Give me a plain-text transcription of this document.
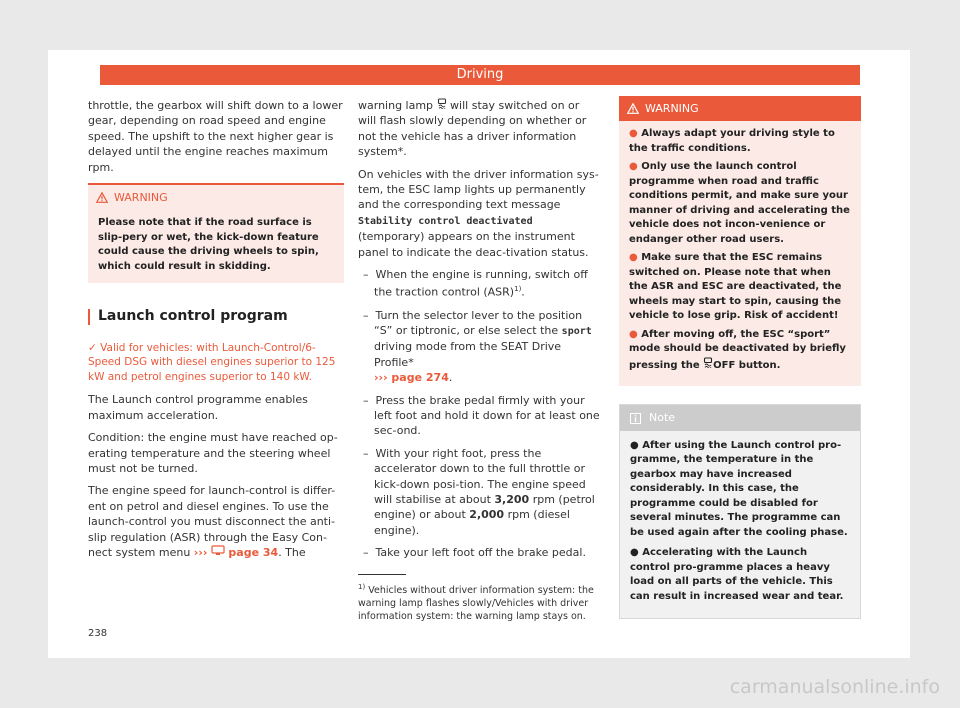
Driving

throttle, the gearbox will shift down to a lower gear, depending on road speed and engine speed. The upshift to the next higher gear is delayed until the engine reaches maximum rpm.

WARNING
Please note that if the road surface is slip-pery or wet, the kick-down feature could cause the driving wheels to spin, which could result in skidding.
Launch control program
✓ Valid for vehicles: with Launch-Control/6-Speed DSG with diesel engines superior to 125 kW and petrol engines superior to 140 kW.

The Launch control programme enables maximum acceleration.

Condition: the engine must have reached op-erating temperature and the steering wheel must not be turned.

The engine speed for launch-control is differ-ent on petrol and diesel engines. To use the launch-control you must disconnect the anti-slip regulation (ASR) through the Easy Con-nect system menu ››› page 34. The

warning lamp will stay switched on or will flash slowly depending on whether or not the vehicle has a driver information system*.

On vehicles with the driver information sys-tem, the ESC lamp lights up permanently and the corresponding text message Stability control deactivated (temporary) appears on the instrument panel to indicate the deac-tivation status.

– When the engine is running, switch off the traction control (ASR)$^{1)}$.

– Turn the selector lever to the position “S” or tiptronic, or else select the sport driving mode from the SEAT Drive Profile*
››› page 274.

– Press the brake pedal firmly with your left foot and hold it down for at least one sec-ond.

– With your right foot, press the accelerator down to the full throttle or kick-down posi-tion. The engine speed will stabilise at about 3,200 rpm (petrol engine) or about 2,000 rpm (diesel engine).

– Take your left foot off the brake pedal.

$^{1)}$ Vehicles without driver information system: the warning lamp flashes slowly/Vehicles with driver information system: the warning lamp stays on.
WARNING

● Always adapt your driving style to the traffic conditions.

● Only use the launch control programme when road and traffic conditions permit, and make sure your manner of driving and accelerating the vehicle does not incon-venience or endanger other road users.

● Make sure that the ESC remains switched on. Please note that when the ASR and ESC are deactivated, the wheels may start to spin, causing the vehicle to lose grip. Risk of accident!

● After moving off, the ESC “sport” mode should be deactivated by briefly pressing the OFF button.

Note

● After using the Launch control pro-gramme, the temperature in the gearbox may have increased considerably. In this case, the programme could be disabled for several minutes. The programme can be used again after the cooling phase.

● Accelerating with the Launch control pro-gramme places a heavy load on all parts of the vehicle. This can result in increased wear and tear.

238
carmanualsonline.info
